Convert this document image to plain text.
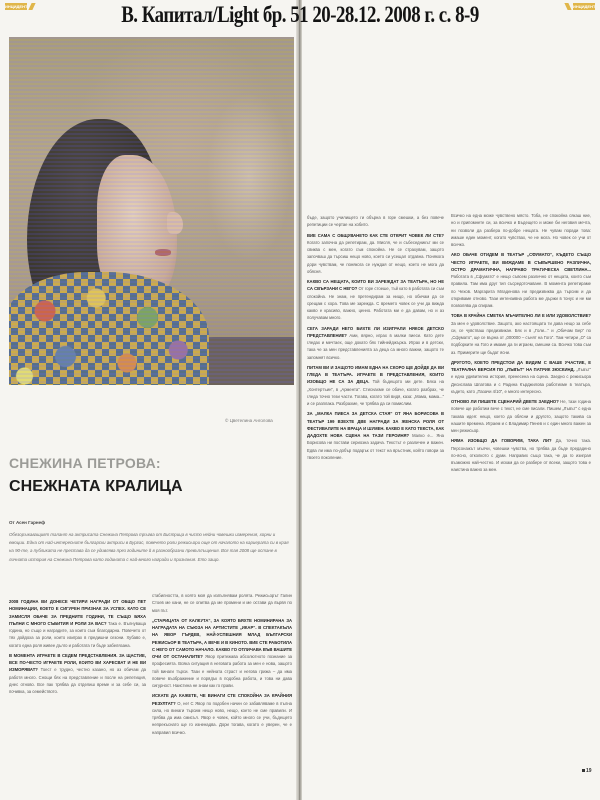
ИНЦИДЕНТ	ИНЦИДЕНТ
В. Капитал/Light бр. 51 20-28.12. 2008 г. с. 8-9
© Цветелина Анголова
СНЕЖИНА ПЕТРОВА:
СНЕЖНАТА КРАЛИЦА
От Асен Гарнеф
Обезоръжаващият талант на актрисата Снежина Петрова тръгва от Бистрица в чисто нейни човешки измерения, хорни и емоции. Една от най-интересните български актриси в Бургас, повечето роли режисьори още от началото на кариерата си в края на 90-те, а публиката не престава да се удивлява през годините й в разнообразни превъплъщения. Вся тая 2008 ще остане в личната история на Снежина Петрова като годината с най-много награди и признания. Ето защо.

2008 ГОДИНА ВИ ДОНЕСЕ ЧЕТИРИ НАГРАДИ ОТ ОБЩО ПЕТ НОМИНАЦИИ, КОЕТО Е СИГУРЕН ПРИЗНАК ЗА УСПЕХ. КАТО СЕ ЗАМИСЛЯ ОБАЧЕ ЗА ПРЕДНИТЕ ГОДИНИ, ТЕ СЪЩО БЯХА ПЪЛНИ С МНОГО СЪБИТИЯ И РОЛИ ЗА ВАС? Така е. Вълнуваща година, но също и наградите, за които съм благодарна. Повечето от тях дойдоха за роли, които изиграх в предишни сезони. Хубаво е, когато една роля живее дълго и работата ти бъде забелязана.

В МОМЕНТА ИГРАЕТЕ В СЕДЕМ ПРЕДСТАВЛЕНИЯ. ЗА ЩАСТИЕ, ВСЕ ПО-ЧЕСТО ИГРАЕТЕ РОЛИ, КОИТО ВИ ХАРЕСВАТ И НЕ ВИ ИЗМОРЯВАТ? Тоест е трудно, честно казано, но аз обичам да работя много. Снощи бях на представление и после на репетиция, днес отново. Все пак трябва да отделиш време и за себе си, за почивка, за семейството.

стабилността, в която моя да изпълнявам ролята. Режисьорът Галин Стоев ме кани, не се опитва да ме промени и ме остави да вървя по моя път.

„СТАРИЦАТА ОТ КАЛКУТА“, ЗА КОЯТО БЯХТЕ НОМИНИРАНА ЗА НАГРАДАТА НА СЪЮЗА НА АРТИСТИТЕ „ИКАР“. В СПЕКТАКЪЛА НА ЯВОР ГЪРДЕВ, НАЙ-УСПЕШНИЯ МЛАД БЪЛГАРСКИ РЕЖИСЬОР В ТЕАТЪРА, А ВЕЧЕ И В КИНОТО. ВИЕ СТЕ РАБОТИЛА С НЕГО ОТ САМОТО НАЧАЛО. КАКВО ГО ОТЛИЧАВА ВЪВ ВАШИТЕ ОЧИ ОТ ОСТАНАЛИТЕ? Явор притежава абсолютното познание за професията. Всяка ситуация в неговата работа за мен е нова, защото той винаги търси. Тази е нейната страст и негова грижа – да има повече въображение и порядък в подобна работа, и това ни дава сигурност. Наистина не знам как го прави.

ИСКАТЕ ДА КАЖЕТЕ, ЧЕ ВИНАГИ СТЕ СПОКОЙНА ЗА КРАЙНИЯ РЕЗУЛТАТ? О, не! С Явор по подобен начин се забавляваме в пълна сила, но винаги търсим нещо ново, нещо, което не сме правили. И трябва да има смисъл. Явор е човек, който много се учи, бъдещето непрекъснато ще го изненадва. Дори тогава, когато е уверен, че е направил всичко.

бъде, защото училището ги обърна в горе смешки, а без повече репетиции се чертае на хобито.

ВИЕ САМА С ОБЩУВАНЕТО КАК СТЕ ОТКРИТ ЧОВЕК ЛИ СТЕ? Когато започна да репетирам, да. Мисля, че и събеседникът ми се свиква с мен, когато съм спокойна. Не се страхувам, защото започваш да търсиш нещо ново, което си усещал отдавна. Понякога дори чувствам, че понякога се нуждая от нещо, което не мога да обясня.

КАКВО СА НЕЩАТА, КОИТО ВИ ЗАРЕЖДАТ ЗА ТЕАТЪРА, НО НЕ СА СВЪРЗАНИ С НЕГО? От горе стоеше, тъй като в работата си съм спокойна. Не знам, не претендирам за нищо, но обичам да се срещам с хора. Това ме зарежда. С времето човек се учи да вижда какво е красиво, важно, ценно. Работата ми е да давам, но и аз получавам много.

СЕГА ЗАРАДИ НЕГО БИХТЕ ЛИ ИЗИГРАЛИ НЯКОЕ ДЕТСКО ПРЕДСТАВЛЕНИЕ? Ами, вярно, играх в малки пиеси. Като дете гледах и мечтаех, още докато бях тийнейджърка. Играх и в детски, така че за мен представленията за деца са много важни, защото те запомнят всичко.

ПИТАМ ВИ И ЗАЩОТО ИМАМ ЕДНА НА СКОРО ЩЕ ДОЙДЕ ДА ВИ ГЛЕДА В ТЕАТЪРА. ИГРАЕТЕ В ПРЕДСТАВЛЕНИЯ, КОИТО ИЗОБЩО НЕ СА ЗА ДЕЦА. Той бъдещото ми дете. Бяха на „Хонтертъин“, в „Армента“. Стиснахме се обаче, когато разбрах, че гледа точно тези части. Тогава, когато той видя, каза: „Мама, мама...“ и се разплака. Разбрахме, че трябва да си помислим.

ЗА „МАЛКА ПИЕСА ЗА ДЕТСКА СТАЯ“ ОТ ЯНА БОРИСОВА В ТЕАТЪР 199 ВЗЕХТЕ ДВЕ НАГРАДИ ЗА ЖЕНСКА РОЛЯ ОТ ФЕСТИВАЛИТЕ НА ВРАЦА И ШУМЕН. КАКВО Е КАТО ТЕКСТА, КАК ДАДОХТЕ НОВА СЦЕНА НА ТАЗИ ГЕРОИНЯ? Малко е... Яна Борисова ни постави сериозна задача. Текстът е различен и важен. Едва ли има по-добър подарък от текст на връстник, който говори за твоето поколение.

Всичко на една може чувствено място. Тоба, не спокойна сякаш ние, но и припомнете си, за всичко и Бъдещето и може би неговия мечта, ни позволи да разбера по-добре нещата. Не чувам поради това: имаше един момент, когато чувствах, че не мога. Но човек се учи от всичко.

АКО ОБАЧЕ ОТИДЕМ В ТЕАТЪР „СФУМАТО“, КЪДЕТО СЪЩО ЧЕСТО ИГРАЕТЕ, ВИ ВИЖДАМЕ В СЪВЪРШЕНО РАЗЛИЧНА, ОСТРО ДРАМАТИЧНА, НАПРАВО ТРАГИЧЕСКА СВЕТЛИНА... Работата в „Сфумато“ е нещо съвсем различно от нещата, които съм правила. Там има друг тип съсредоточаване. В момента репетираме по Чехов. Маргарита Младенова ни предизвиква да търсим и да откриваме отново. Тази интензивна работа ме държи в тонус и не ми позволява да спирам.

ТОВА В КРАЙНА СМЕТКА МЪЧИТЕЛНО ЛИ Е ИЛИ УДОВОЛСТВИЕ? За мен е удоволствие. Защото, ако настоящата ти дава нещо за себе си, се чувстваш предизвикан. Бях и в „Голи...“ и „Обичам Бер“ по „Сфумато“, ще се върна от „000000 – сънят на Гого“. Там четири „О“ са подборките на Гого и имаме да ги играем, смешни са. Всичко това съм аз. Примерите ще бъдат ясни.

ДРУГОТО, КОЕТО ПРЕДСТОИ ДА ВИДИМ С ВАШЕ УЧАСТИЕ, Е ТЕАТРАЛНА ВЕРСИЯ ПО „ЛЪВЪТ“ НА ПАТРИК ЗЮСКИНД. „Лъвът“ е една удивителна история, пренесена на сцена. Заедно с режисьора Десислава Шпатова и с Радина Кърджилова работихме в театъра, където, като „Пазачи 4/10“, е много интересно.

ОТНОВО ЛИ ПИШЕТЕ СЦЕНАРИЙ ДВЕТЕ ЗАЕДНО? Не, тази година повече ще работим вече с текст, не сме писали. Пишем „Лъвът“ с една такава идея: нещо, което да обясни и другото, защото такива са нашите времена. Играем и с Владимир Пенев и с един много важен за мен режисьор.

НЯМА ИЗОБЩО ДА ГОВОРИМ, ТАКА ЛИ? Да, точно така. Персонажът мълчи, човешки чувства, но трябва да бъде предадено по-ясно, отколкото с думи. Направих също така, че да го изиграя възможно най-честно. И искам да се разбере от всеки, защото това е наистина важно за мен.

19
